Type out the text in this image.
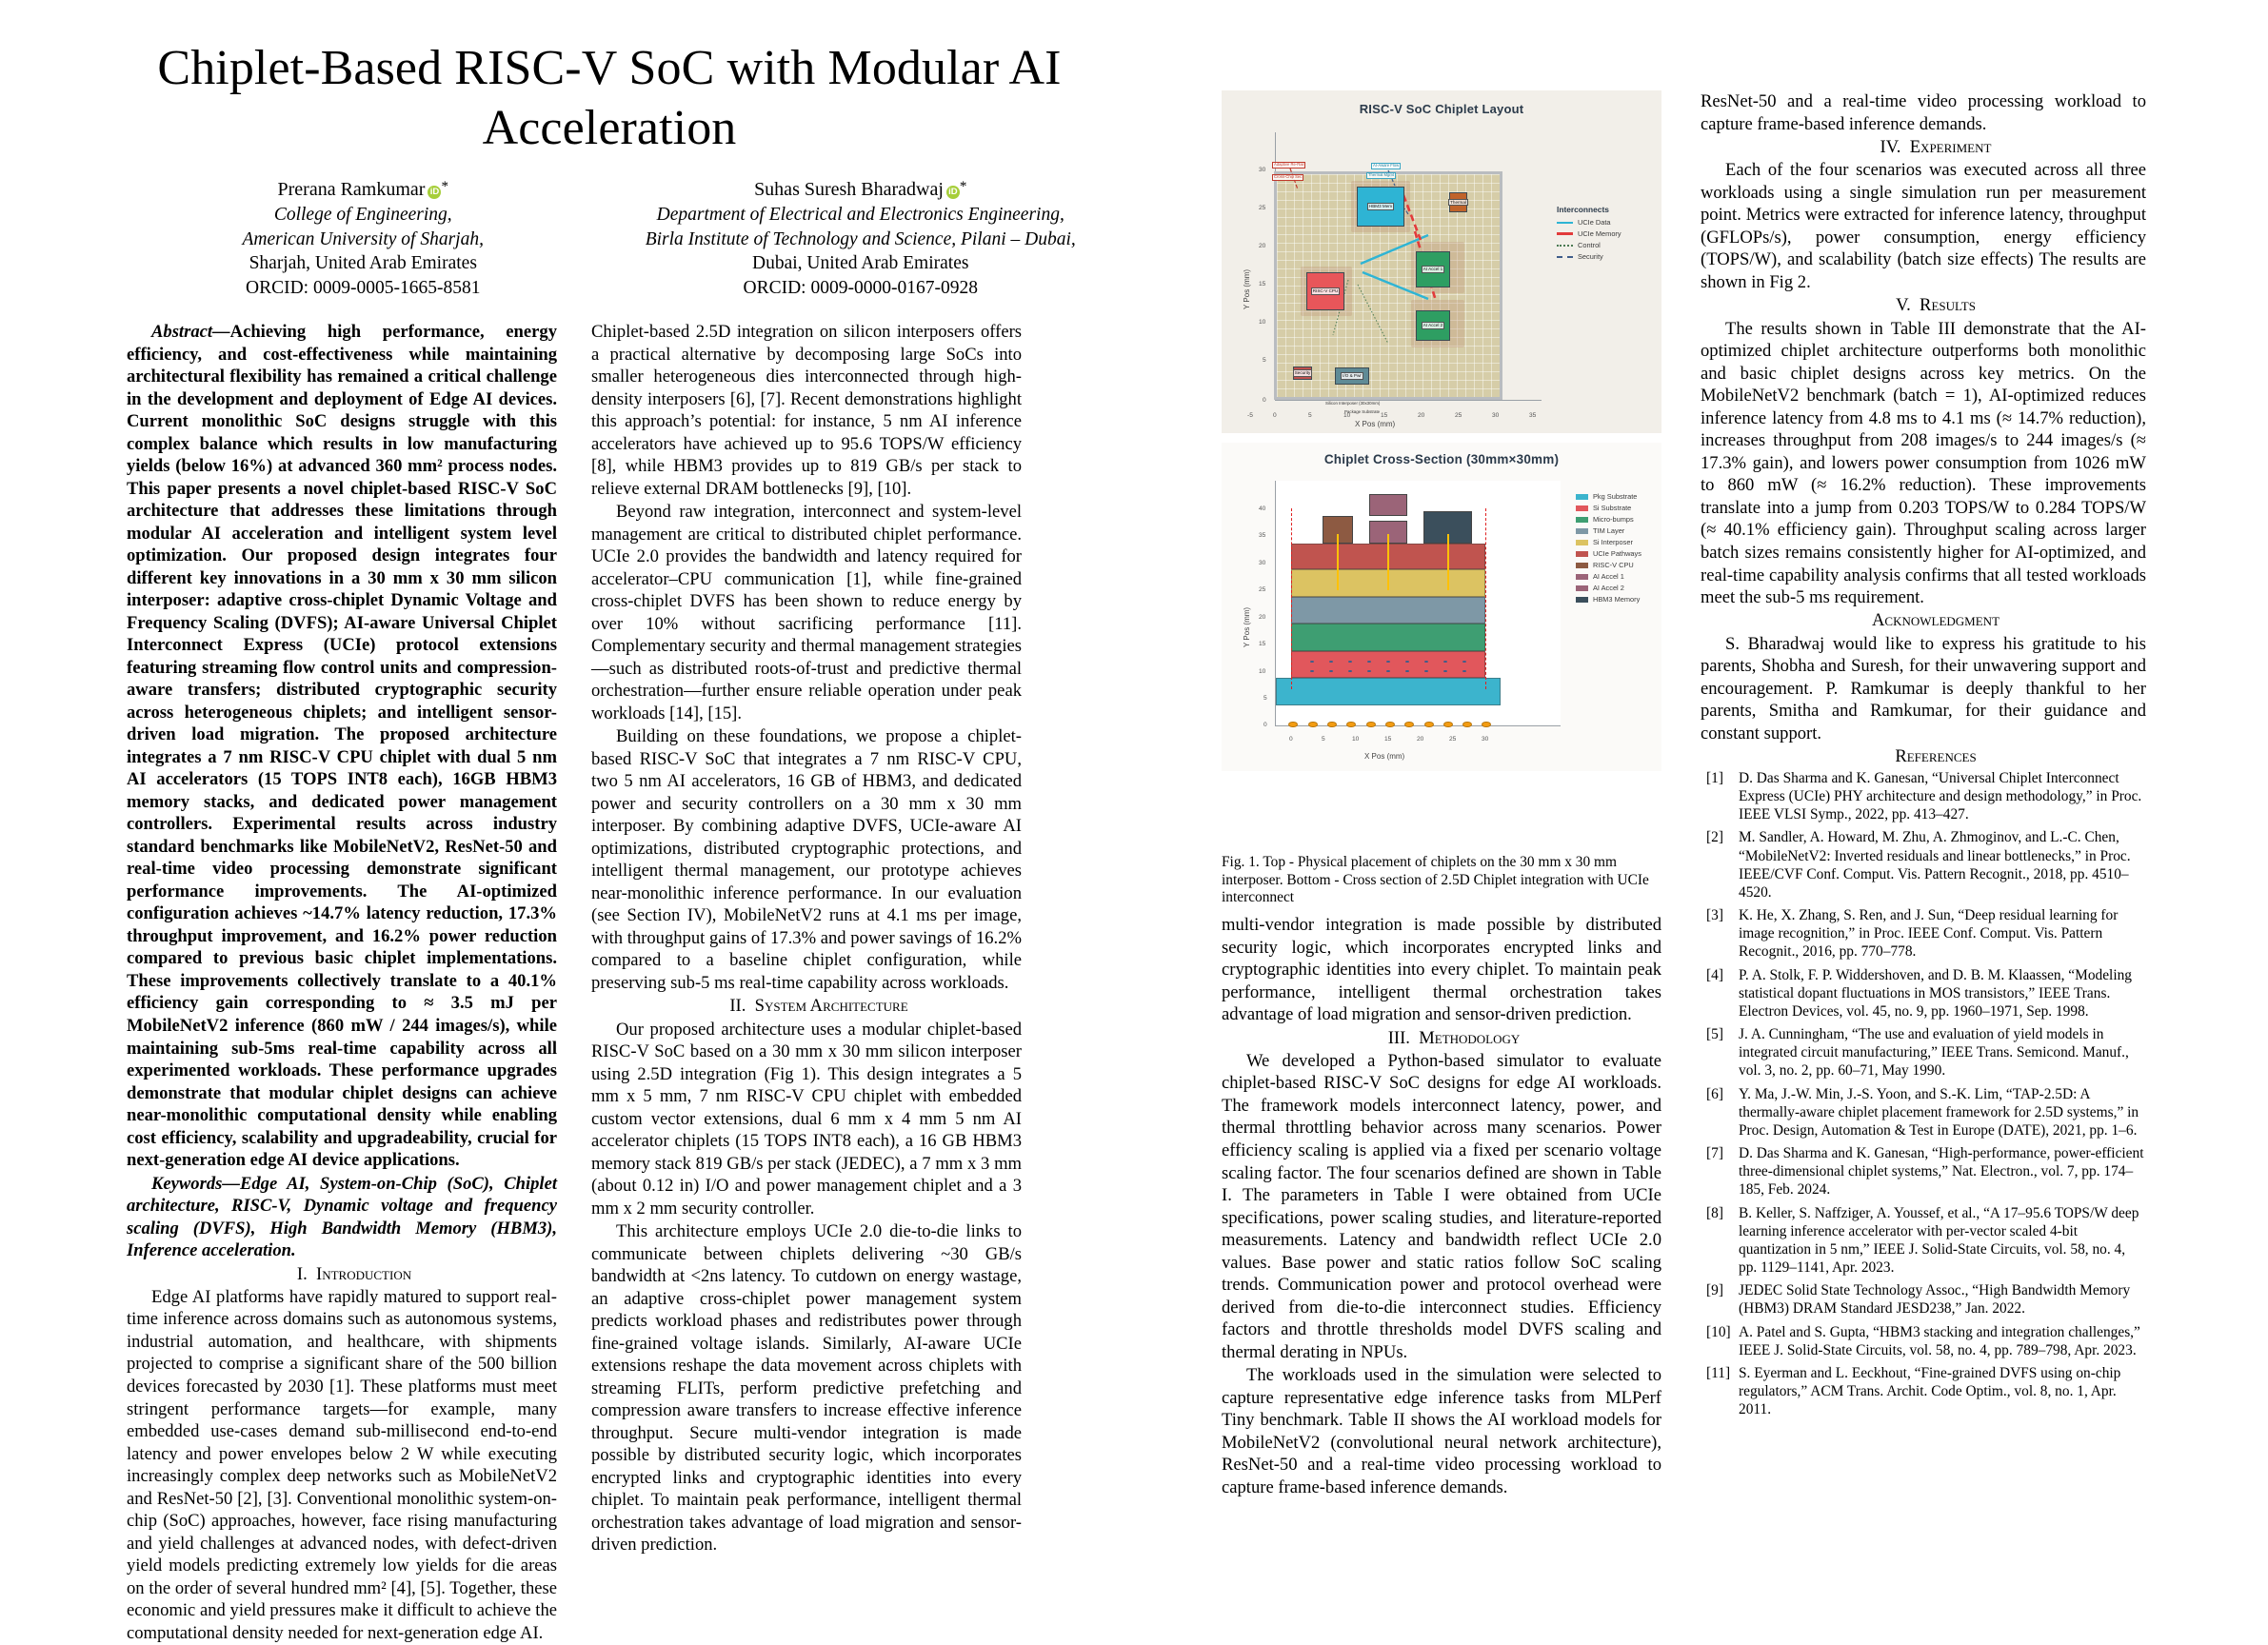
Chiplet-Based RISC-V SoC with Modular AI Acceleration
Prerana Ramkumar iD *
College of Engineering,
American University of Sharjah,
Sharjah, United Arab Emirates
ORCID: 0009-0005-1665-8581
Suhas Suresh Bharadwaj iD *
Department of Electrical and Electronics Engineering,
Birla Institute of Technology and Science, Pilani – Dubai,
Dubai, United Arab Emirates
ORCID: 0009-0000-0167-0928

Abstract—Achieving high performance, energy efficiency, and cost-effectiveness while maintaining architectural flexibility has remained a critical challenge in the development and deployment of Edge AI devices. Current monolithic SoC designs struggle with this complex balance which results in low manufacturing yields (below 16%) at advanced 360 mm² process nodes. This paper presents a novel chiplet-based RISC-V SoC architecture that addresses these limitations through modular AI acceleration and intelligent system level optimization. Our proposed design integrates four different key innovations in a 30 mm x 30 mm silicon interposer: adaptive cross-chiplet Dynamic Voltage and Frequency Scaling (DVFS); AI-aware Universal Chiplet Interconnect Express (UCIe) protocol extensions featuring streaming flow control units and compression-aware transfers; distributed cryptographic security across heterogeneous chiplets; and intelligent sensor-driven load migration. The proposed architecture integrates a 7 nm RISC-V CPU chiplet with dual 5 nm AI accelerators (15 TOPS INT8 each), 16GB HBM3 memory stacks, and dedicated power management controllers. Experimental results across industry standard benchmarks like MobileNetV2, ResNet-50 and real-time video processing demonstrate significant performance improvements. The AI-optimized configuration achieves ~14.7% latency reduction, 17.3% throughput improvement, and 16.2% power reduction compared to previous basic chiplet implementations. These improvements collectively translate to a 40.1% efficiency gain corresponding to ≈ 3.5 mJ per MobileNetV2 inference (860 mW / 244 images/s), while maintaining sub-5ms real-time capability across all experimented workloads. These performance upgrades demonstrate that modular chiplet designs can achieve near-monolithic computational density while enabling cost efficiency, scalability and upgradeability, crucial for next-generation edge AI device applications.

Keywords—Edge AI, System-on-Chip (SoC), Chiplet architecture, RISC-V, Dynamic voltage and frequency scaling (DVFS), High Bandwidth Memory (HBM3), Inference acceleration.

I. Introduction

Edge AI platforms have rapidly matured to support real-time inference across domains such as autonomous systems, industrial automation, and healthcare, with shipments projected to comprise a significant share of the 500 billion devices forecasted by 2030 [1]. These platforms must meet stringent performance targets—for example, many embedded use-cases demand sub-millisecond end-to-end latency and power envelopes below 2 W while executing increasingly complex deep networks such as MobileNetV2 and ResNet-50 [2], [3]. Conventional monolithic system-on-chip (SoC) approaches, however, face rising manufacturing and yield challenges at advanced nodes, with defect-driven yield models predicting extremely low yields for die areas on the order of several hundred mm² [4], [5]. Together, these economic and yield pressures make it difficult to achieve the computational density needed for next-generation edge AI.

Chiplet-based 2.5D integration on silicon interposers offers a practical alternative by decomposing large SoCs into smaller heterogeneous dies interconnected through high-density interposers [6], [7]. Recent demonstrations highlight this approach’s potential: for instance, 5 nm AI inference accelerators have achieved up to 95.6 TOPS/W efficiency [8], while HBM3 provides up to 819 GB/s per stack to relieve external DRAM bottlenecks [9], [10].

Beyond raw integration, interconnect and system-level management are critical to distributed chiplet performance. UCIe 2.0 provides the bandwidth and latency required for accelerator–CPU communication [1], while fine-grained cross-chiplet DVFS has been shown to reduce energy by over 10% without sacrificing performance [11]. Complementary security and thermal management strategies—such as distributed roots-of-trust and predictive thermal orchestration—further ensure reliable operation under peak workloads [14], [15].

Building on these foundations, we propose a chiplet-based RISC-V SoC that integrates a 7 nm RISC-V CPU, two 5 nm AI accelerators, 16 GB of HBM3, and dedicated power and security controllers on a 30 mm x 30 mm interposer. By combining adaptive DVFS, UCIe-aware AI optimizations, distributed cryptographic protections, and intelligent thermal management, our prototype achieves near-monolithic inference performance. In our evaluation (see Section IV), MobileNetV2 runs at 4.1 ms per image, with throughput gains of 17.3% and power savings of 16.2% compared to a baseline chiplet configuration, while preserving sub-5 ms real-time capability across workloads.

II. System Architecture

Our proposed architecture uses a modular chiplet-based RISC-V SoC based on a 30 mm x 30 mm silicon interposer using 2.5D integration (Fig 1). This design integrates a 5 mm x 5 mm, 7 nm RISC-V CPU chiplet with embedded custom vector extensions, dual 6 mm x 4 mm 5 nm AI accelerator chiplets (15 TOPS INT8 each), a 16 GB HBM3 memory stack 819 GB/s per stack (JEDEC), a 7 mm x 3 mm (about 0.12 in) I/O and power management chiplet and a 3 mm x 2 mm security controller.

This architecture employs UCIe 2.0 die-to-die links to communicate between chiplets delivering ~30 GB/s bandwidth at <2ns latency. To cutdown on energy wastage, an adaptive cross-chiplet power management system predicts workload phases and redistributes power through fine-grained voltage islands. Similarly, AI-aware UCIe extensions reshape the data movement across chiplets with streaming FLITs, perform predictive prefetching and compression aware transfers to increase effective inference throughput. Secure multi-vendor integration is made possible by distributed security logic, which incorporates encrypted links and cryptographic identities into every chiplet. To maintain peak performance, intelligent thermal orchestration takes advantage of load migration and sensor-driven prediction.

RISC-V SoC Chiplet Layout
HBM3 Mem
Thermal
AI Accel 1
AI Accel 2
RISC-V CPU
Security
I/O & Pwr
Adaptive Re-Rail
Cross-Chip Sec
AI-Aware Flow
Thermal Mgmt
Silicon Interposer (30x30mm)
Package Substrate
30
25
20
15
10
5
0
-5	0	5	10	15	20	25	30	35
Y Pos (mm)
X Pos (mm)
Interconnects
UCIe Data
UCIe Memory
Control
Security
Chiplet Cross-Section (30mm×30mm)
40
35
30
25
20
15
10
5
0
0	5	10	15	20	25	30
Y Pos (mm)
X Pos (mm)
Pkg Substrate
Si Substrate
Micro-bumps
TIM Layer
Si Interposer
UCIe Pathways
RISC-V CPU
AI Accel 1
AI Accel 2
HBM3 Memory
Fig. 1. Top - Physical placement of chiplets on the 30 mm x 30 mm interposer. Bottom - Cross section of 2.5D Chiplet integration with UCIe interconnect

multi-vendor integration is made possible by distributed security logic, which incorporates encrypted links and cryptographic identities into every chiplet. To maintain peak performance, intelligent thermal orchestration takes advantage of load migration and sensor-driven prediction.

III. Methodology

We developed a Python-based simulator to evaluate chiplet-based RISC-V SoC designs for edge AI workloads. The framework models interconnect latency, power, and thermal throttling behavior across many scenarios. Power efficiency scaling is applied via a fixed per scenario voltage scaling factor. The four scenarios defined are shown in Table I. The parameters in Table I were obtained from UCIe specifications, power scaling studies, and literature-reported measurements. Latency and bandwidth reflect UCIe 2.0 values. Base power and static ratios follow SoC scaling trends. Communication power and protocol overhead were derived from die-to-die interconnect studies. Efficiency factors and throttle thresholds model DVFS scaling and thermal derating in NPUs.

The workloads used in the simulation were selected to capture representative edge inference tasks from MLPerf Tiny benchmark. Table II shows the AI workload models for MobileNetV2 (convolutional neural network architecture), ResNet-50 and a real-time video processing workload to capture frame-based inference demands.

ResNet-50 and a real-time video processing workload to capture frame-based inference demands.

IV. Experiment

Each of the four scenarios was executed across all three workloads using a single simulation run per measurement point. Metrics were extracted for inference latency, throughput (GFLOPs/s), power consumption, energy efficiency (TOPS/W), and scalability (batch size effects) The results are shown in Fig 2.

V. Results

The results shown in Table III demonstrate that the AI-optimized chiplet architecture outperforms both monolithic and basic chiplet designs across key metrics. On the MobileNetV2 benchmark (batch = 1), AI-optimized reduces inference latency from 4.8 ms to 4.1 ms (≈ 14.7% reduction), increases throughput from 208 images/s to 244 images/s (≈ 17.3% gain), and lowers power consumption from 1026 mW to 860 mW (≈ 16.2% reduction). These improvements translate into a jump from 0.203 TOPS/W to 0.284 TOPS/W (≈ 40.1% efficiency gain). Throughput scaling across larger batch sizes remains consistently higher for AI-optimized, and real-time capability analysis confirms that all tested workloads meet the sub-5 ms requirement.

Acknowledgment

S. Bharadwaj would like to express his gratitude to his parents, Shobha and Suresh, for their unwavering support and encouragement. P. Ramkumar is deeply thankful to her parents, Smitha and Ramkumar, for their guidance and constant support.

References

[1]	D. Das Sharma and K. Ganesan, “Universal Chiplet Interconnect Express (UCIe) PHY architecture and design methodology,” in Proc. IEEE VLSI Symp., 2022, pp. 413–427.
[2]	M. Sandler, A. Howard, M. Zhu, A. Zhmoginov, and L.-C. Chen, “MobileNetV2: Inverted residuals and linear bottlenecks,” in Proc. IEEE/CVF Conf. Comput. Vis. Pattern Recognit., 2018, pp. 4510–4520.
[3]	K. He, X. Zhang, S. Ren, and J. Sun, “Deep residual learning for image recognition,” in Proc. IEEE Conf. Comput. Vis. Pattern Recognit., 2016, pp. 770–778.
[4]	P. A. Stolk, F. P. Widdershoven, and D. B. M. Klaassen, “Modeling statistical dopant fluctuations in MOS transistors,” IEEE Trans. Electron Devices, vol. 45, no. 9, pp. 1960–1971, Sep. 1998.
[5]	J. A. Cunningham, “The use and evaluation of yield models in integrated circuit manufacturing,” IEEE Trans. Semicond. Manuf., vol. 3, no. 2, pp. 60–71, May 1990.
[6]	Y. Ma, J.-W. Min, J.-S. Yoon, and S.-K. Lim, “TAP-2.5D: A thermally-aware chiplet placement framework for 2.5D systems,” in Proc. Design, Automation & Test in Europe (DATE), 2021, pp. 1–6.
[7]	D. Das Sharma and K. Ganesan, “High-performance, power-efficient three-dimensional chiplet systems,” Nat. Electron., vol. 7, pp. 174–185, Feb. 2024.
[8]	B. Keller, S. Naffziger, A. Youssef, et al., “A 17–95.6 TOPS/W deep learning inference accelerator with per-vector scaled 4-bit quantization in 5 nm,” IEEE J. Solid-State Circuits, vol. 58, no. 4, pp. 1129–1141, Apr. 2023.
[9]	JEDEC Solid State Technology Assoc., “High Bandwidth Memory (HBM3) DRAM Standard JESD238,” Jan. 2022.
[10] A. Patel and S. Gupta, “HBM3 stacking and integration challenges,” IEEE J. Solid-State Circuits, vol. 58, no. 4, pp. 789–798, Apr. 2023.
[11] S. Eyerman and L. Eeckhout, “Fine-grained DVFS using on-chip regulators,” ACM Trans. Archit. Code Optim., vol. 8, no. 1, Apr. 2011.
